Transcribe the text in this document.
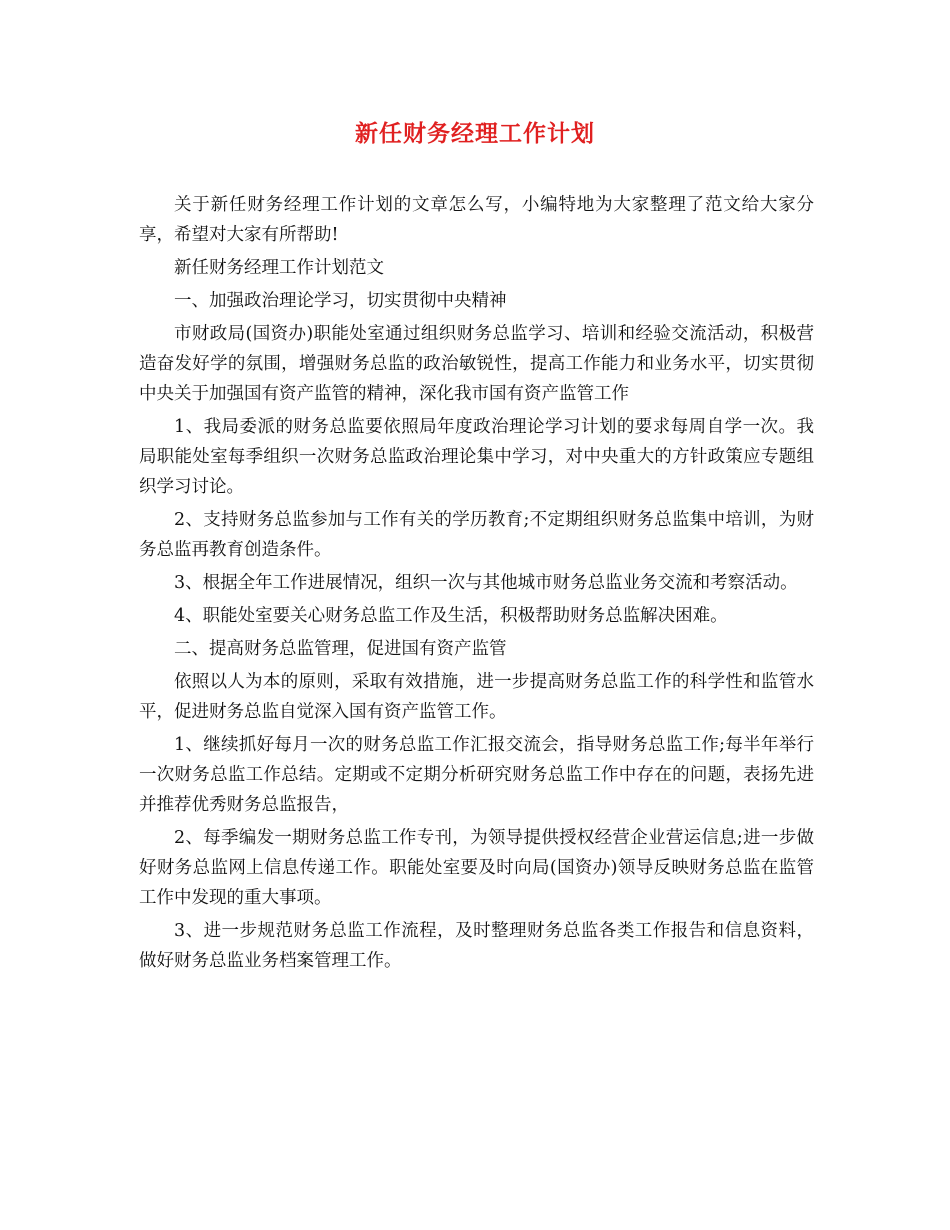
新任财务经理工作计划

关于新任财务经理工作计划的文章怎么写，小编特地为大家整理了范文给大家分享，希望对大家有所帮助!

新任财务经理工作计划范文

一、加强政治理论学习，切实贯彻中央精神

市财政局(国资办)职能处室通过组织财务总监学习、培训和经验交流活动，积极营造奋发好学的氛围，增强财务总监的政治敏锐性，提高工作能力和业务水平，切实贯彻中央关于加强国有资产监管的精神，深化我市国有资产监管工作

1、我局委派的财务总监要依照局年度政治理论学习计划的要求每周自学一次。我局职能处室每季组织一次财务总监政治理论集中学习，对中央重大的方针政策应专题组织学习讨论。

2、支持财务总监参加与工作有关的学历教育;不定期组织财务总监集中培训，为财务总监再教育创造条件。

3、根据全年工作进展情况，组织一次与其他城市财务总监业务交流和考察活动。

4、职能处室要关心财务总监工作及生活，积极帮助财务总监解决困难。

二、提高财务总监管理，促进国有资产监管

依照以人为本的原则，采取有效措施，进一步提高财务总监工作的科学性和监管水平，促进财务总监自觉深入国有资产监管工作。

1、继续抓好每月一次的财务总监工作汇报交流会，指导财务总监工作;每半年举行一次财务总监工作总结。定期或不定期分析研究财务总监工作中存在的问题，表扬先进并推荐优秀财务总监报告，

2、每季编发一期财务总监工作专刊，为领导提供授权经营企业营运信息;进一步做好财务总监网上信息传递工作。职能处室要及时向局(国资办)领导反映财务总监在监管工作中发现的重大事项。

3、进一步规范财务总监工作流程，及时整理财务总监各类工作报告和信息资料，做好财务总监业务档案管理工作。
